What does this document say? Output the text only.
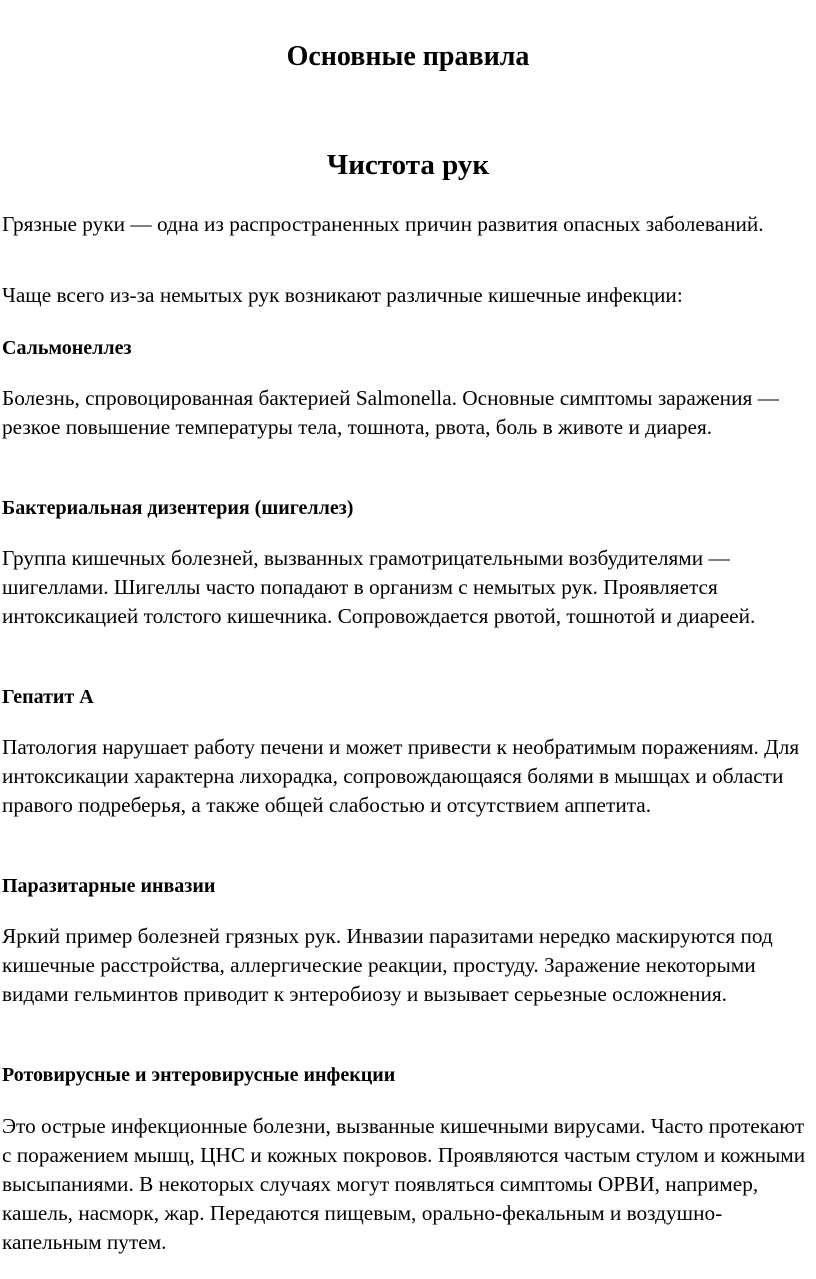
Основные правила
Чистота рук

Грязные руки — одна из распространенных причин развития опасных заболеваний.

Чаще всего из-за немытых рук возникают различные кишечные инфекции:

Сальмонеллез

Болезнь, спровоцированная бактерией Salmonella. Основные симптомы заражения — резкое повышение температуры тела, тошнота, рвота, боль в животе и диарея.

Бактериальная дизентерия (шигеллез)

Группа кишечных болезней, вызванных грамотрицательными возбудителями — шигеллами. Шигеллы часто попадают в организм с немытых рук. Проявляется интоксикацией толстого кишечника. Сопровождается рвотой, тошнотой и диареей.

Гепатит А

Патология нарушает работу печени и может привести к необратимым поражениям. Для интоксикации характерна лихорадка, сопровождающаяся болями в мышцах и области правого подреберья, а также общей слабостью и отсутствием аппетита.

Паразитарные инвазии

Яркий пример болезней грязных рук. Инвазии паразитами нередко маскируются под кишечные расстройства, аллергические реакции, простуду. Заражение некоторыми видами гельминтов приводит к энтеробиозу и вызывает серьезные осложнения.

Ротовирусные и энтеровирусные инфекции

Это острые инфекционные болезни, вызванные кишечными вирусами. Часто протекают с поражением мышц, ЦНС и кожных покровов. Проявляются частым стулом и кожными высыпаниями. В некоторых случаях могут появляться симптомы ОРВИ, например, кашель, насморк, жар. Передаются пищевым, орально-фекальным и воздушно-капельным путем.
